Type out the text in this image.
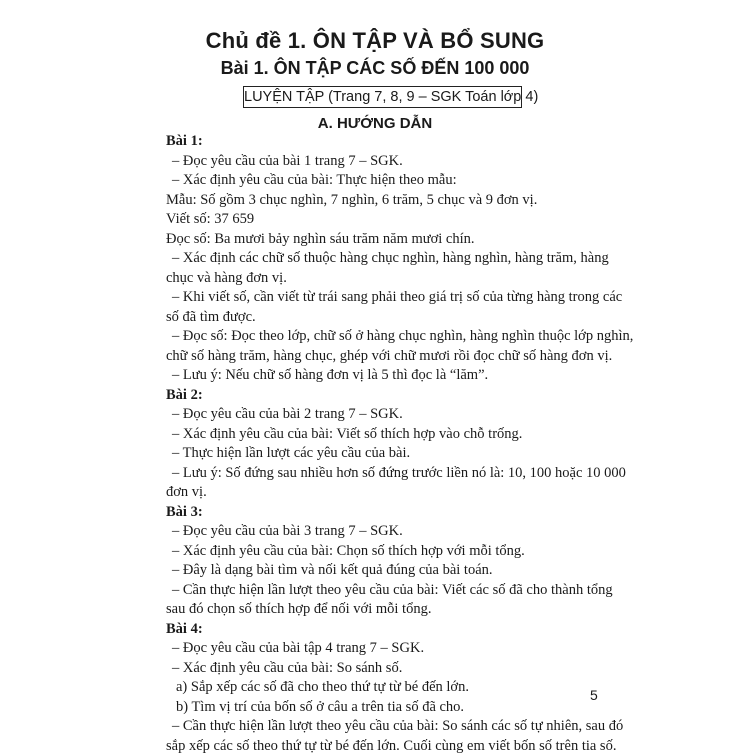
Chủ đề 1. ÔN TẬP VÀ BỔ SUNG
Bài 1. ÔN TẬP CÁC SỐ ĐẾN 100 000
LUYỆN TẬP (Trang 7, 8, 9 – SGK Toán lớp 4)
A. HƯỚNG DẪN
Bài 1:
– Đọc yêu cầu của bài 1 trang 7 – SGK.
– Xác định yêu cầu của bài: Thực hiện theo mẫu:
Mẫu: Số gồm 3 chục nghìn, 7 nghìn, 6 trăm, 5 chục và 9 đơn vị.
Viết số: 37 659
Đọc số: Ba mươi bảy nghìn sáu trăm năm mươi chín.
– Xác định các chữ số thuộc hàng chục nghìn, hàng nghìn, hàng trăm, hàng
chục và hàng đơn vị.
– Khi viết số, cần viết từ trái sang phải theo giá trị số của từng hàng trong các
số đã tìm được.
– Đọc số: Đọc theo lớp, chữ số ở hàng chục nghìn, hàng nghìn thuộc lớp nghìn,
chữ số hàng trăm, hàng chục, ghép với chữ mươi rồi đọc chữ số hàng đơn vị.
– Lưu ý: Nếu chữ số hàng đơn vị là 5 thì đọc là “lăm”.
Bài 2:
– Đọc yêu cầu của bài 2 trang 7 – SGK.
– Xác định yêu cầu của bài: Viết số thích hợp vào chỗ trống.
– Thực hiện lần lượt các yêu cầu của bài.
– Lưu ý: Số đứng sau nhiều hơn số đứng trước liền nó là: 10, 100 hoặc 10 000
đơn vị.
Bài 3:
– Đọc yêu cầu của bài 3 trang 7 – SGK.
– Xác định yêu cầu của bài: Chọn số thích hợp với mỗi tổng.
– Đây là dạng bài tìm và nối kết quả đúng của bài toán.
– Cần thực hiện lần lượt theo yêu cầu của bài: Viết các số đã cho thành tổng
sau đó chọn số thích hợp để nối với mỗi tổng.
Bài 4:
– Đọc yêu cầu của bài tập 4 trang 7 – SGK.
– Xác định yêu cầu của bài: So sánh số.
a) Sắp xếp các số đã cho theo thứ tự từ bé đến lớn.
b) Tìm vị trí của bốn số ở câu a trên tia số đã cho.
– Cần thực hiện lần lượt theo yêu cầu của bài: So sánh các số tự nhiên, sau đó
sắp xếp các số theo thứ tự từ bé đến lớn. Cuối cùng em viết bốn số trên tia số.
5
